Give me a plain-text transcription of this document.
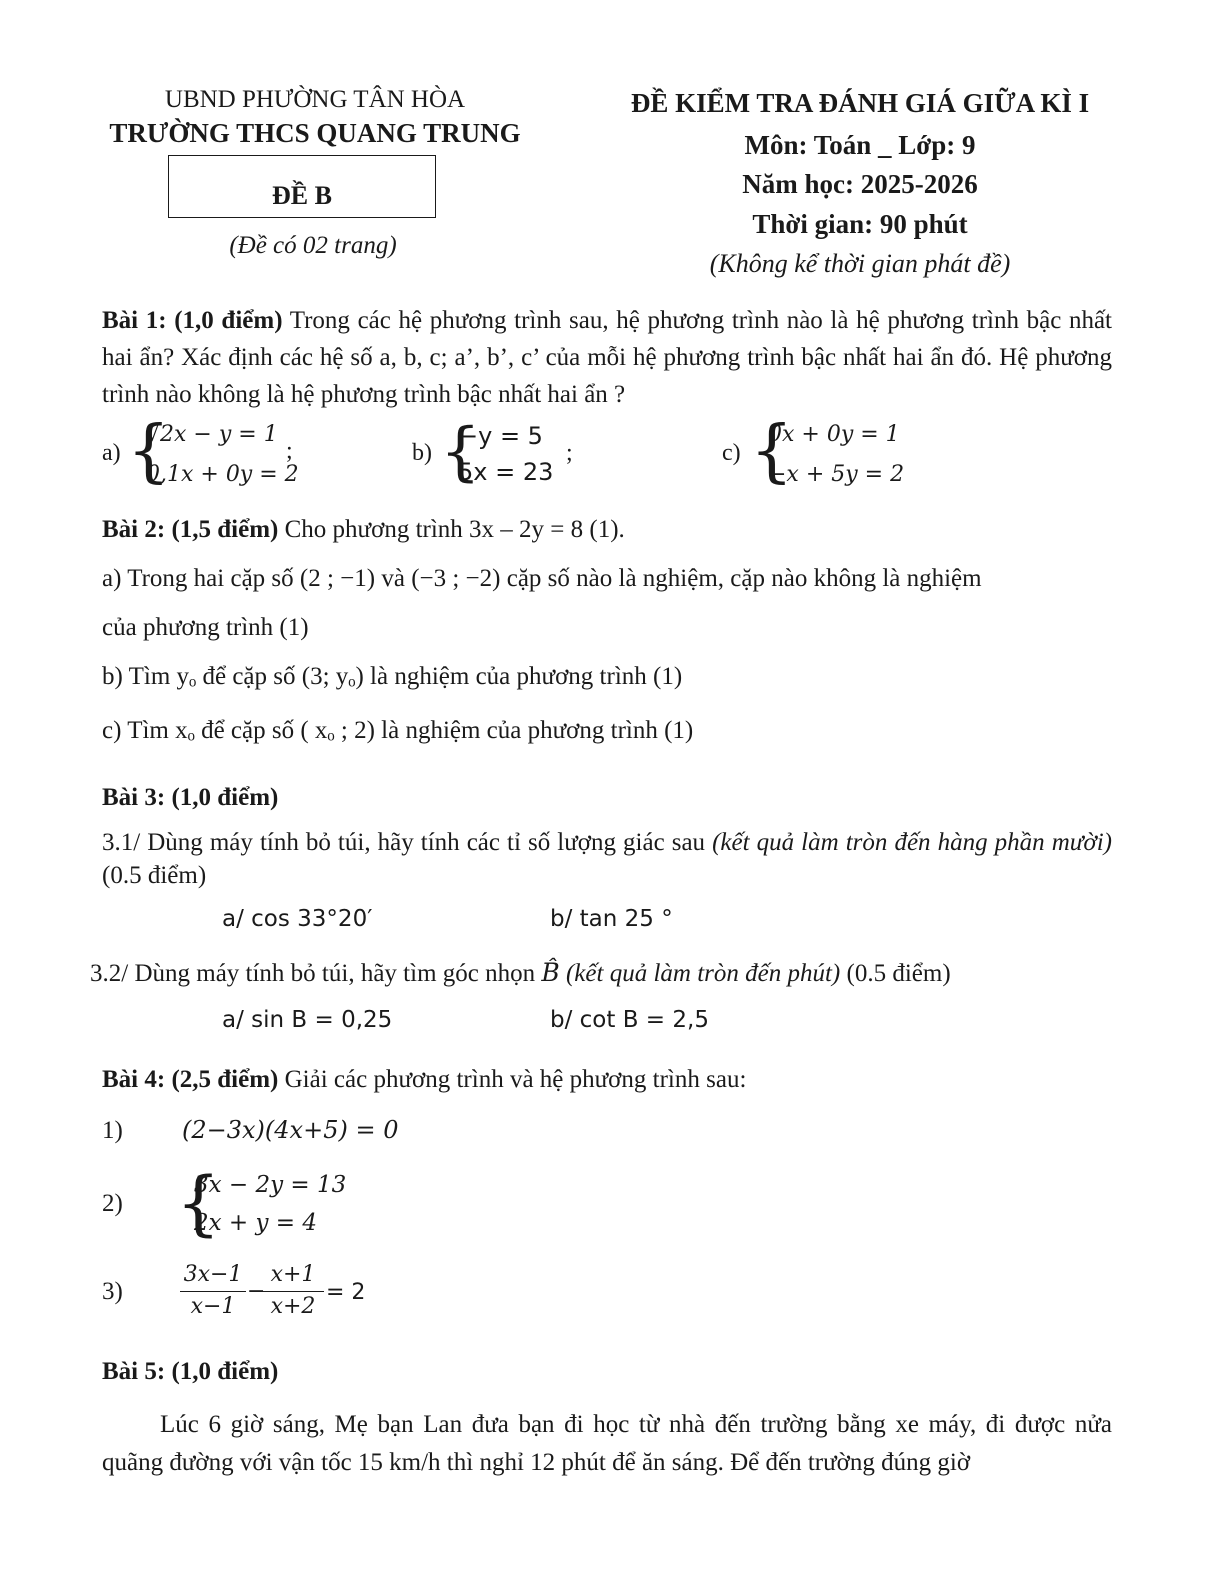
UBND PHƯỜNG TÂN HÒA
TRƯỜNG THCS QUANG TRUNG
ĐỀ B
(Đề có 02 trang)
ĐỀ KIỂM TRA ĐÁNH GIÁ GIỮA KÌ I
Môn: Toán _ Lớp: 9
Năm học: 2025-2026
Thời gian: 90 phút
(Không kể thời gian phát đề)
Bài 1: (1,0 điểm) Trong các hệ phương trình sau, hệ phương trình nào là hệ phương trình bậc nhất hai ẩn? Xác định các hệ số a, b, c; a’, b’, c’ của mỗi hệ phương trình bậc nhất hai ẩn đó. Hệ phương trình nào không là hệ phương trình bậc nhất hai ẩn ?
a) {
√2x − y = 1
0,1x + 0y = 2
;	b) {
−y = 5
5x = 23
;	c) {
0x + 0y = 1
−x + 5y = 2
Bài 2: (1,5 điểm) Cho phương trình 3x – 2y = 8 (1).
a) Trong hai cặp số (2 ; −1) và (−3 ; −2) cặp số nào là nghiệm, cặp nào không là nghiệm
của phương trình (1)
b) Tìm yₒ để cặp số (3; yₒ) là nghiệm của phương trình (1)
c) Tìm xₒ để cặp số ( xₒ ; 2) là nghiệm của phương trình (1)
Bài 3: (1,0 điểm)
3.1/ Dùng máy tính bỏ túi, hãy tính các tỉ số lượng giác sau (kết quả làm tròn đến hàng phần mười) (0.5 điểm)
a/ cos 33°20′	b/ tan 25 °
3.2/ Dùng máy tính bỏ túi, hãy tìm góc nhọn B̂ (kết quả làm tròn đến phút) (0.5 điểm)
a/ sin B = 0,25	b/ cot B = 2,5
Bài 4: (2,5 điểm) Giải các phương trình và hệ phương trình sau:
1) (2−3x)(4x+5) = 0
2) {
3x − 2y = 13
2x + y = 4
3)
3x−1
x−1
−
x+1
x+2
= 2
Bài 5: (1,0 điểm)
Lúc 6 giờ sáng, Mẹ bạn Lan đưa bạn đi học từ nhà đến trường bằng xe máy, đi được nửa quãng đường với vận tốc 15 km/h thì nghỉ 12 phút để ăn sáng. Để đến trường đúng giờ
